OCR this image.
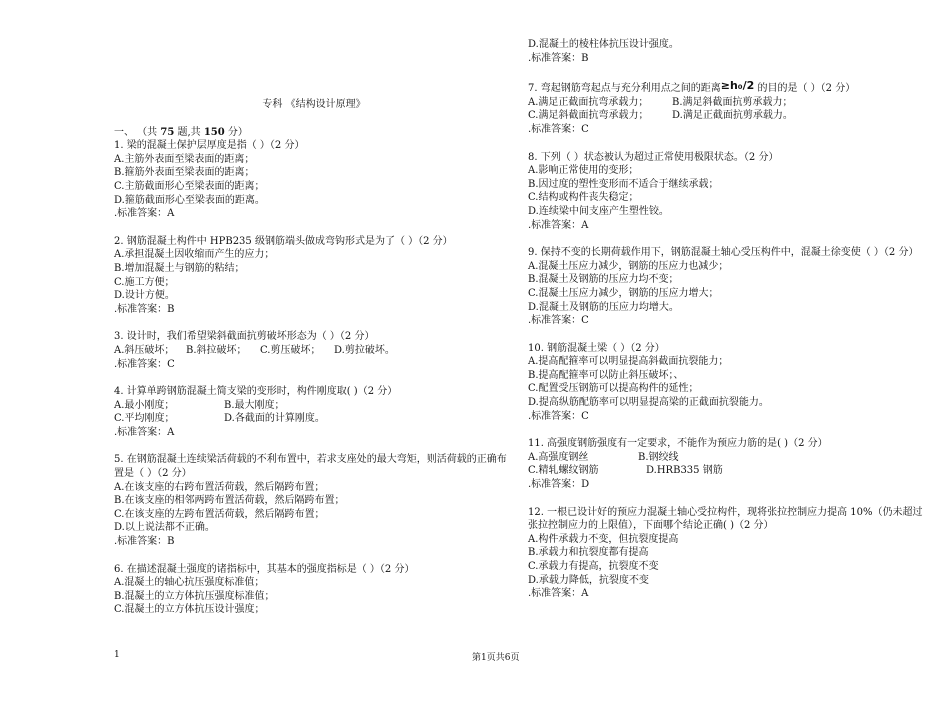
专科 《结构设计原理》

一、 （共 75 题,共 150 分）

1. 梁的混凝土保护层厚度是指（ ）（2 分）

A.主筋外表面至梁表面的距离；

B.箍筋外表面至梁表面的距离；

C.主筋截面形心至梁表面的距离；

D.箍筋截面形心至梁表面的距离。

.标准答案：A

2. 钢筋混凝土构件中 HPB235 级钢筋端头做成弯钩形式是为了（ ）（2 分）

A.承担混凝土因收缩而产生的应力；

B.增加混凝土与钢筋的粘结；

C.施工方便；

D.设计方便。

.标准答案：B

3. 设计时，我们希望梁斜截面抗剪破坏形态为（ ）（2 分）

A.斜压破坏；	B.斜拉破坏；	C.剪压破坏；	D.剪拉破坏。

.标准答案：C

4. 计算单跨钢筋混凝土简支梁的变形时，构件刚度取( )（2 分）

A.最小刚度；	B.最大刚度；
C.平均刚度；	D.各截面的计算刚度。

.标准答案：A

5. 在钢筋混凝土连续梁活荷载的不利布置中，若求支座处的最大弯矩，则活荷载的正确布置是（ ）（2 分）

A.在该支座的右跨布置活荷载，然后隔跨布置；

B.在该支座的相邻两跨布置活荷载，然后隔跨布置；

C.在该支座的左跨布置活荷载，然后隔跨布置；

D.以上说法都不正确。

.标准答案：B

6. 在描述混凝土强度的诸指标中，其基本的强度指标是（ ）（2 分）

A.混凝土的轴心抗压强度标准值；

B.混凝土的立方体抗压强度标准值；

C.混凝土的立方体抗压设计强度；

D.混凝土的棱柱体抗压设计强度。

.标准答案：B

7. 弯起钢筋弯起点与充分利用点之间的距离≥h₀/2 的目的是（ ）（2 分）

A.满足正截面抗弯承载力；	B.满足斜截面抗剪承载力；
C.满足斜截面抗弯承载力；	D.满足正截面抗剪承载力。

.标准答案：C

8. 下列（ ）状态被认为超过正常使用极限状态。（2 分）

A.影响正常使用的变形；

B.因过度的塑性变形而不适合于继续承载；

C.结构或构件丧失稳定；

D.连续梁中间支座产生塑性铰。

.标准答案：A

9. 保持不变的长期荷载作用下，钢筋混凝土轴心受压构件中，混凝土徐变使（ ）（2 分）

A.混凝土压应力减少，钢筋的压应力也减少；

B.混凝土及钢筋的压应力均不变；

C.混凝土压应力减少，钢筋的压应力增大；

D.混凝土及钢筋的压应力均增大。

.标准答案：C

10. 钢筋混凝土梁（ ）（2 分）

A.提高配箍率可以明显提高斜截面抗裂能力；

B.提高配箍率可以防止斜压破坏；、

C.配置受压钢筋可以提高构件的延性；

D.提高纵筋配筋率可以明显提高梁的正截面抗裂能力。

.标准答案：C

11. 高强度钢筋强度有一定要求，不能作为预应力筋的是( )（2 分）

A.高强度钢丝	B.钢绞线
C.精轧螺纹钢筋	D.HRB335 钢筋

.标准答案：D

12. 一根已设计好的预应力混凝土轴心受拉构件，现将张拉控制应力提高 10%（仍未超过张拉控制应力的上限值），下面哪个结论正确( )（2 分）

A.构件承载力不变，但抗裂度提高

B.承载力和抗裂度都有提高

C.承载力有提高，抗裂度不变

D.承载力降低，抗裂度不变

.标准答案：A

1	第1页共6页
